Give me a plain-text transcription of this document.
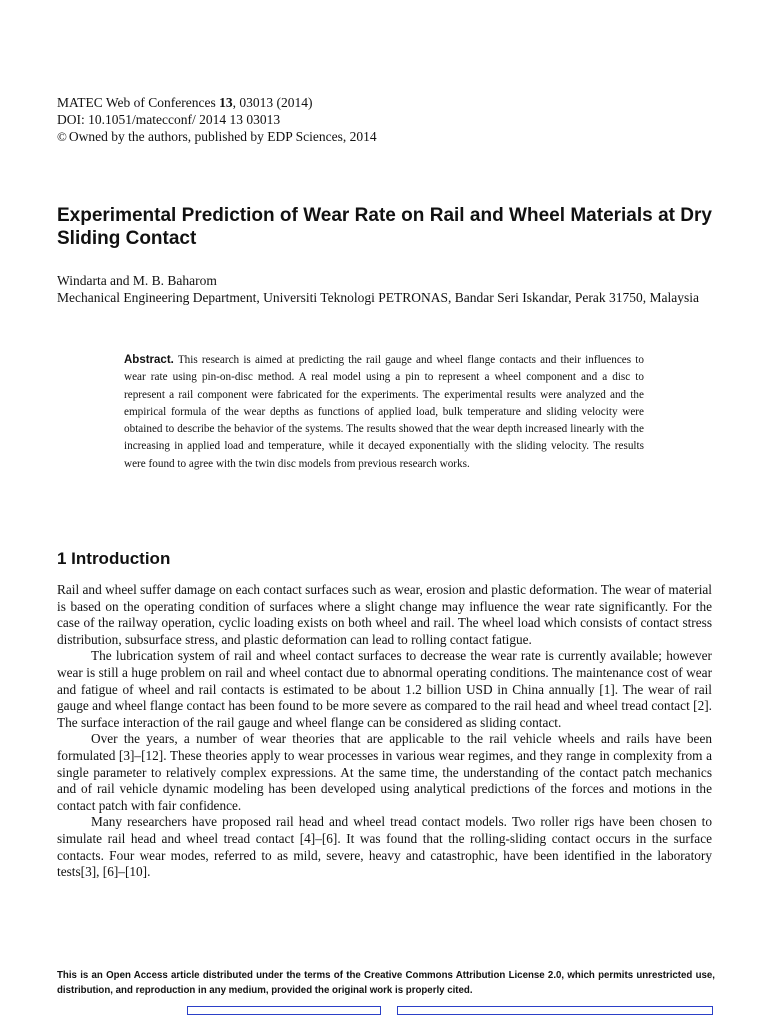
MATEC Web of Conferences 13, 03013 (2014)
DOI: 10.1051/matecconf/ 2014 13 03013
© Owned by the authors, published by EDP Sciences, 2014
Experimental Prediction of Wear Rate on Rail and Wheel Materials at Dry Sliding Contact
Windarta and M. B. Baharom
Mechanical Engineering Department, Universiti Teknologi PETRONAS, Bandar Seri Iskandar, Perak 31750, Malaysia
Abstract. This research is aimed at predicting the rail gauge and wheel flange contacts and their influences to wear rate using pin-on-disc method. A real model using a pin to represent a wheel component and a disc to represent a rail component were fabricated for the experiments. The experimental results were analyzed and the empirical formula of the wear depths as functions of applied load, bulk temperature and sliding velocity were obtained to describe the behavior of the systems. The results showed that the wear depth increased linearly with the increasing in applied load and temperature, while it decayed exponentially with the sliding velocity. The results were found to agree with the twin disc models from previous research works.
1 Introduction

Rail and wheel suffer damage on each contact surfaces such as wear, erosion and plastic deformation. The wear of material is based on the operating condition of surfaces where a slight change may influence the wear rate significantly. For the case of the railway operation, cyclic loading exists on both wheel and rail. The wheel load which consists of contact stress distribution, subsurface stress, and plastic deformation can lead to rolling contact fatigue.

The lubrication system of rail and wheel contact surfaces to decrease the wear rate is currently available; however wear is still a huge problem on rail and wheel contact due to abnormal operating conditions. The maintenance cost of wear and fatigue of wheel and rail contacts is estimated to be about 1.2 billion USD in China annually [1]. The wear of rail gauge and wheel flange contact has been found to be more severe as compared to the rail head and wheel tread contact [2]. The surface interaction of the rail gauge and wheel flange can be considered as sliding contact.

Over the years, a number of wear theories that are applicable to the rail vehicle wheels and rails have been formulated [3]–[12]. These theories apply to wear processes in various wear regimes, and they range in complexity from a single parameter to relatively complex expressions. At the same time, the understanding of the contact patch mechanics and of rail vehicle dynamic modeling has been developed using analytical predictions of the forces and motions in the contact patch with fair confidence.

Many researchers have proposed rail head and wheel tread contact models. Two roller rigs have been chosen to simulate rail head and wheel tread contact [4]–[6]. It was found that the rolling-sliding contact occurs in the surface contacts. Four wear modes, referred to as mild, severe, heavy and catastrophic, have been identified in the laboratory tests[3], [6]–[10].

This is an Open Access article distributed under the terms of the Creative Commons Attribution License 2.0, which permits unrestricted use, distribution, and reproduction in any medium, provided the original work is properly cited.
